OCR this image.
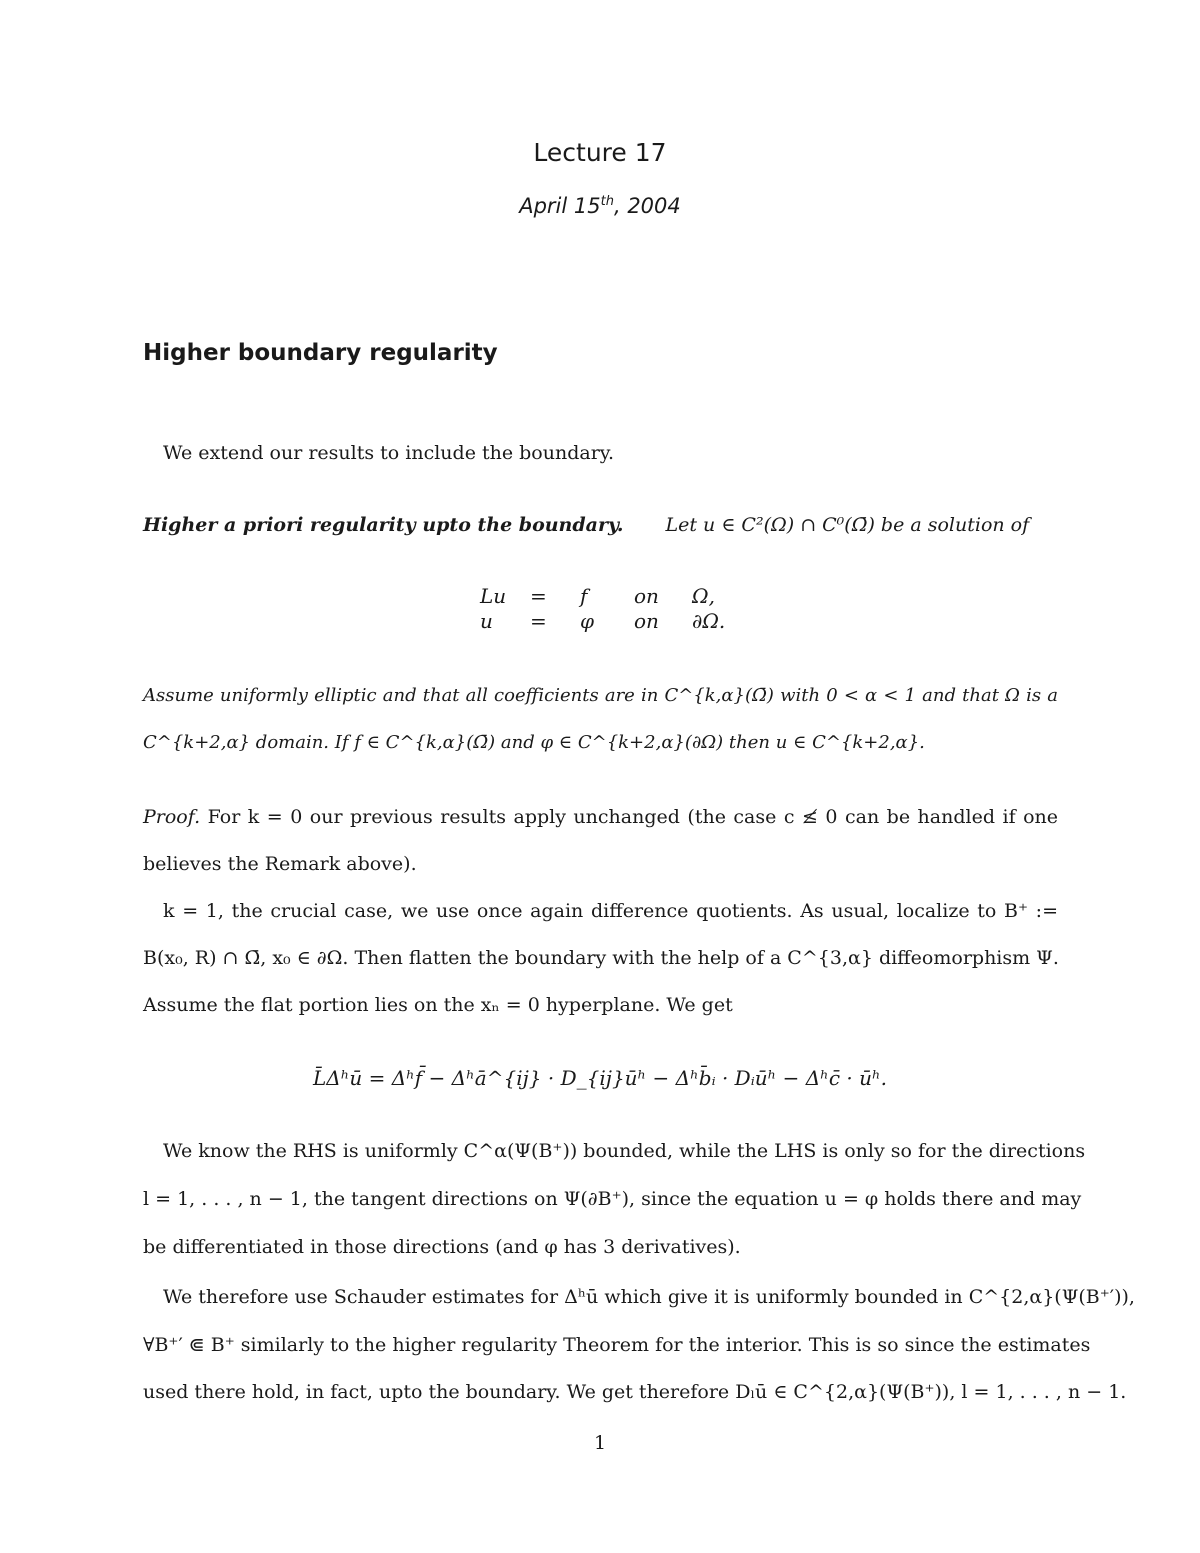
Lecture 17
April 15th, 2004
Higher boundary regularity
We extend our results to include the boundary.
Higher a priori regularity upto the boundary. Let u ∈ C²(Ω) ∩ C⁰(Ω̄) be a solution of
Lu	=	f	on	Ω,
u	=	φ	on	∂Ω.
Assume uniformly elliptic and that all coefficients are in C^{k,α}(Ω̄) with 0 < α < 1 and that Ω is a
C^{k+2,α} domain. If f ∈ C^{k,α}(Ω̄) and φ ∈ C^{k+2,α}(∂Ω) then u ∈ C^{k+2,α}.
Proof. For k = 0 our previous results apply unchanged (the case c ≰ 0 can be handled if one
believes the Remark above).
k = 1, the crucial case, we use once again difference quotients. As usual, localize to B⁺ :=
B(x₀, R) ∩ Ω̄, x₀ ∈ ∂Ω. Then flatten the boundary with the help of a C^{3,α} diffeomorphism Ψ.
Assume the flat portion lies on the xₙ = 0 hyperplane. We get
L̄Δʰū = Δʰf̄ − Δʰā^{ij} · D_{ij}ūʰ − Δʰb̄ᵢ · Dᵢūʰ − Δʰc̄ · ūʰ.
We know the RHS is uniformly C^α(Ψ(B⁺)) bounded, while the LHS is only so for the directions
l = 1, . . . , n − 1, the tangent directions on Ψ(∂B⁺), since the equation u = φ holds there and may
be differentiated in those directions (and φ has 3 derivatives).
We therefore use Schauder estimates for Δʰū which give it is uniformly bounded in C^{2,α}(Ψ(B⁺′)),
∀B⁺′ ⋐ B⁺ similarly to the higher regularity Theorem for the interior. This is so since the estimates
used there hold, in fact, upto the boundary. We get therefore Dₗū ∈ C^{2,α}(Ψ(B⁺)), l = 1, . . . , n − 1.
1
